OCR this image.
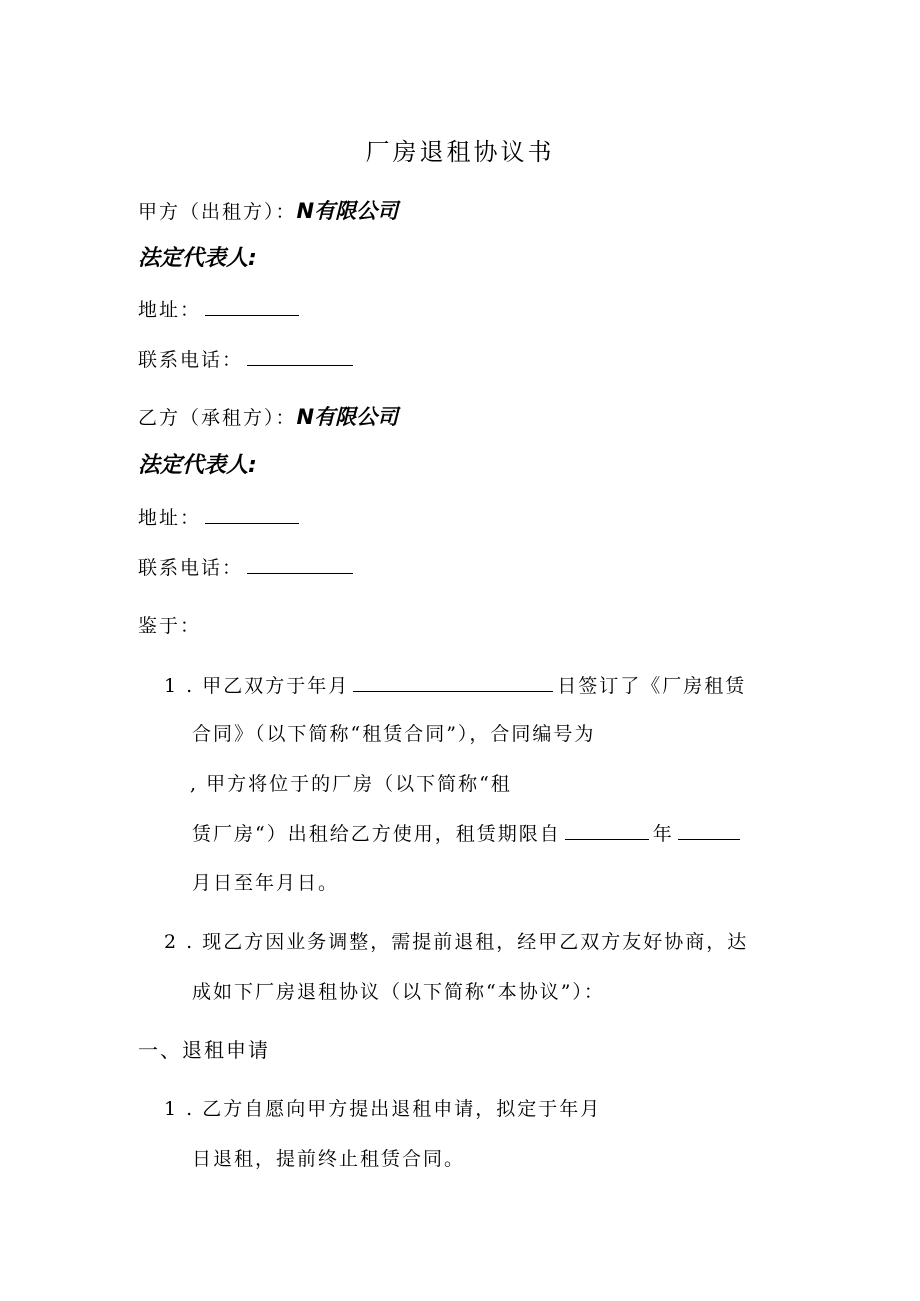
厂房退租协议书
甲方（出租方）：N有限公司
法定代表人:
地址：
联系电话：
乙方（承租方）：N有限公司
法定代表人:
地址：
联系电话：
鉴于：
1 . 甲乙双方于年月	日签订了《厂房租赁
合同》（以下简称“租赁合同”），合同编号为
, 甲方将位于的厂房（以下简称“租
赁厂房“）出租给乙方使用，租赁期限自	年
月日至年月日。
2 . 现乙方因业务调整，需提前退租，经甲乙双方友好协商，达
成如下厂房退租协议（以下简称“本协议”）：
一、退租申请
1 . 乙方自愿向甲方提出退租申请，拟定于年月
日退租，提前终止租赁合同。
